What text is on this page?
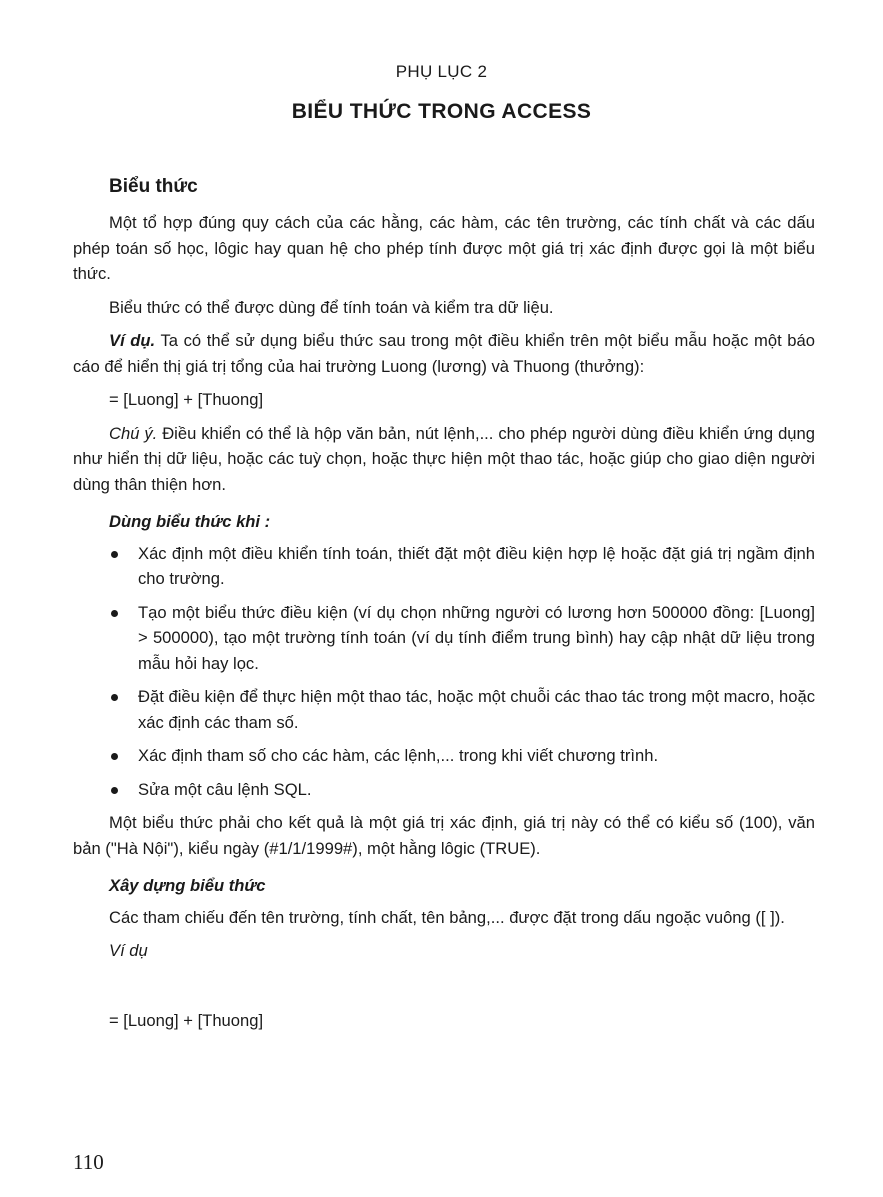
PHỤ LỤC 2
BIỂU THỨC TRONG ACCESS
Biểu thức

Một tổ hợp đúng quy cách của các hằng, các hàm, các tên trường, các tính chất và các dấu phép toán số học, lôgic hay quan hệ cho phép tính được một giá trị xác định được gọi là một biểu thức.

Biểu thức có thể được dùng để tính toán và kiểm tra dữ liệu.

Ví dụ. Ta có thể sử dụng biểu thức sau trong một điều khiển trên một biểu mẫu hoặc một báo cáo để hiển thị giá trị tổng của hai trường Luong (lương) và Thuong (thưởng):

= [Luong] + [Thuong]

Chú ý. Điều khiển có thể là hộp văn bản, nút lệnh,... cho phép người dùng điều khiển ứng dụng như hiển thị dữ liệu, hoặc các tuỳ chọn, hoặc thực hiện một thao tác, hoặc giúp cho giao diện người dùng thân thiện hơn.

Dùng biểu thức khi :
Xác định một điều khiển tính toán, thiết đặt một điều kiện hợp lệ hoặc đặt giá trị ngầm định cho trường.
Tạo một biểu thức điều kiện (ví dụ chọn những người có lương hơn 500000 đồng: [Luong] > 500000), tạo một trường tính toán (ví dụ tính điểm trung bình) hay cập nhật dữ liệu trong mẫu hỏi hay lọc.
Đặt điều kiện để thực hiện một thao tác, hoặc một chuỗi các thao tác trong một macro, hoặc xác định các tham số.
Xác định tham số cho các hàm, các lệnh,... trong khi viết chương trình.
Sửa một câu lệnh SQL.

Một biểu thức phải cho kết quả là một giá trị xác định, giá trị này có thể có kiểu số (100), văn bản ("Hà Nội"), kiểu ngày (#1/1/1999#), một hằng lôgic (TRUE).

Xây dựng biểu thức

Các tham chiếu đến tên trường, tính chất, tên bảng,... được đặt trong dấu ngoặc vuông ([ ]).

Ví dụ

= [Luong] + [Thuong]

110
